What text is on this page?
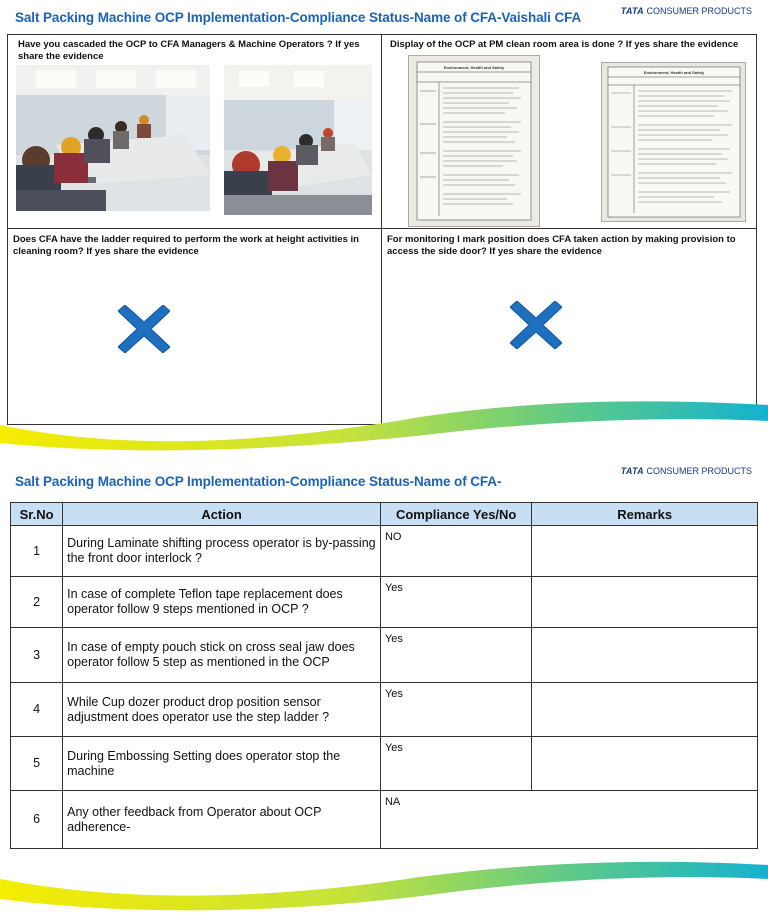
Salt Packing Machine OCP Implementation-Compliance Status-Name of CFA-Vaishali CFA	TATA CONSUMER PRODUCTS
Have you cascaded the OCP to CFA Managers & Machine Operators ? If yes share the evidence
Display of the OCP at PM clean room area is done ? If yes share the evidence
Environment, Health and Safety
Environment, Health and Safety
Does CFA have the ladder required to perform the work at height activities in cleaning room? If yes share the evidence
For monitoring I mark position does CFA taken action by making provision to access the side door? If yes share the evidence
Salt Packing Machine OCP Implementation-Compliance Status-Name of CFA-
TATA CONSUMER PRODUCTS
Sr.No	Action	Compliance Yes/No	Remarks
1	During Laminate shifting process operator is by-passing the front door interlock ?	NO	
2	In case of complete Teflon tape replacement does operator follow 9 steps mentioned in OCP ?	Yes	
3	In case of empty pouch stick on cross seal jaw does operator follow 5 step as mentioned in the OCP	Yes	
4	While Cup dozer product drop position sensor adjustment does operator use the step ladder ?	Yes	
5	During Embossing Setting does operator stop the machine	Yes	
6	Any other feedback from Operator about OCP adherence-	NA	
